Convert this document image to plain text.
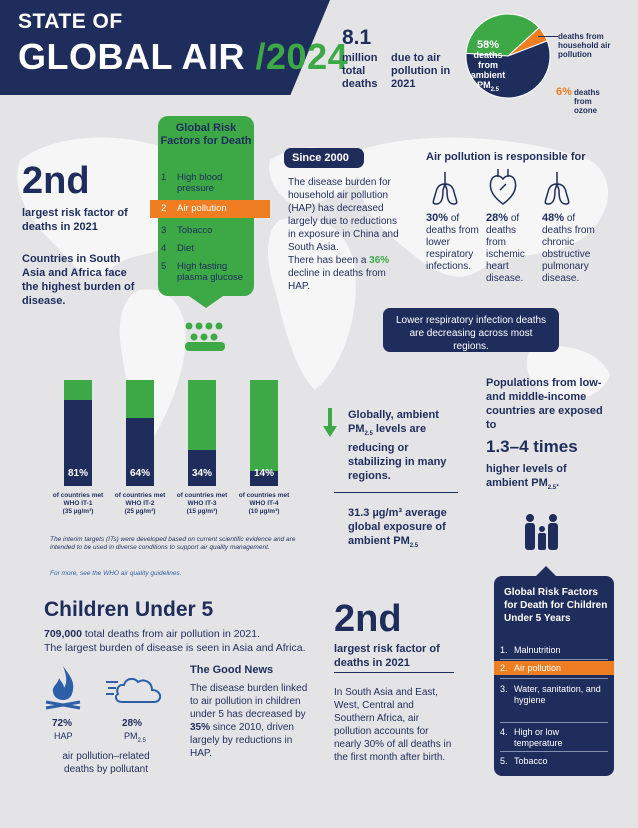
STATE OF
GLOBAL AIR /2024
8.1
million total deaths
due to air pollution in 2021
58%
deaths from ambient
$PM_{2.5}$
38%
deaths from household air pollution
6% deaths from ozone
2nd
largest risk factor of deaths in 2021
Countries in South Asia and Africa face the highest burden of disease.
Global Risk Factors for Death
1	High blood pressure
2	Air pollution
3	Tobacco
4	Diet
5	High fasting plasma glucose
Since 2000
The disease burden for household air pollution (HAP) has decreased largely due to reductions in exposure in China and South Asia.
There has been a 36% decline in deaths from HAP.
Air pollution is responsible for
30% of deaths from lower respiratory infections.
28% of deaths from ischemic heart disease.
48% of deaths from chronic obstructive pulmonary disease.
Lower respiratory infection deaths are decreasing across most regions.
81%	64%	34%	14%
of countries met
WHO IT-1
(35 µg/m³)
of countries met
WHO IT-2
(25 µg/m³)
of countries met
WHO IT-3
(15 µg/m³)
of countries met
WHO IT-4
(10 µg/m³)
The interim targets (ITs) were developed based on current scientific evidence and are intended to be used in diverse conditions to support air quality management.
For more, see the WHO air quality guidelines.
Globally, ambient $PM_{2.5}$ levels are reducing or stabilizing in many regions.
31.3 µg/m³ average global exposure of ambient $PM_{2.5}$
Populations from low- and middle-income countries are exposed to
1.3–4 times
higher levels of ambient $PM_{2.5}$.
Children Under 5
709,000 total deaths from air pollution in 2021.
The largest burden of disease is seen in Asia and Africa.
The Good News
The disease burden linked to air pollution in children under 5 has decreased by 35% since 2010, driven largely by reductions in HAP.
72%
HAP
28%
$PM_{2.5}$
air pollution–related deaths by pollutant
2nd
largest risk factor of deaths in 2021
In South Asia and East, West, Central and Southern Africa, air pollution accounts for nearly 30% of all deaths in the first month after birth.
Global Risk Factors for Death for Children Under 5 Years
1. Malnutrition
2. Air pollution
3. Water, sanitation, and hygiene
4. High or low temperature
5. Tobacco
